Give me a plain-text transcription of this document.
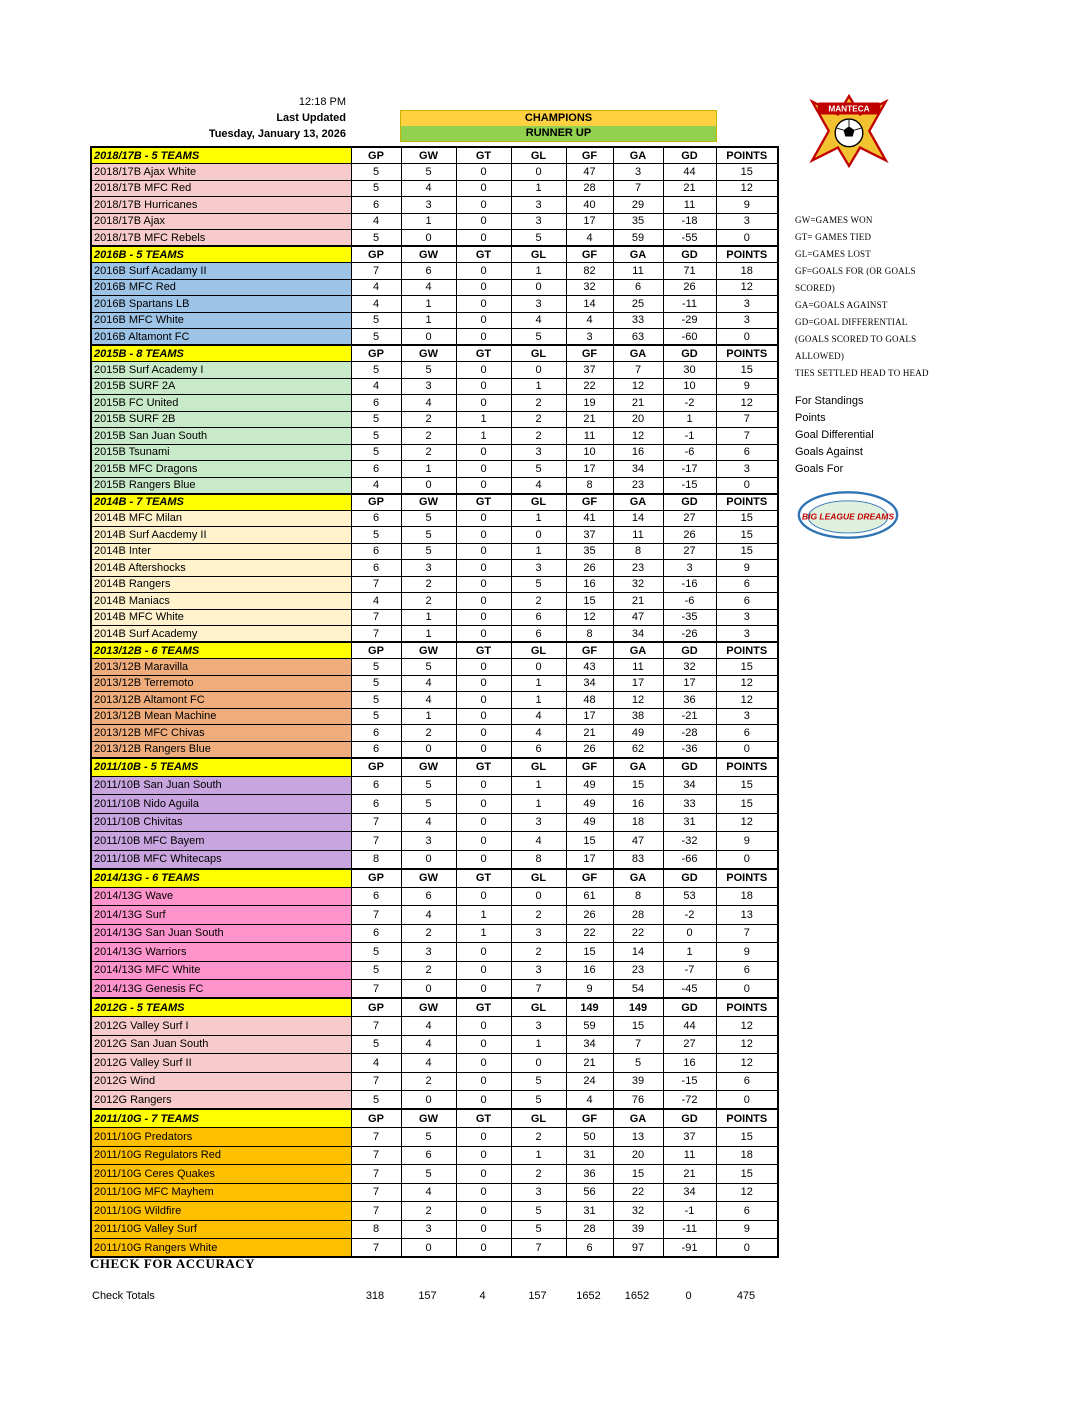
12:18 PM
Last Updated
Tuesday, January 13, 2026
CHAMPIONS
RUNNER UP
MANTECA
GW=GAMES WON
GT= GAMES TIED
GL=GAMES LOST
GF=GOALS FOR (OR GOALS
SCORED)
GA=GOALS AGAINST
GD=GOAL DIFFERENTIAL
(GOALS SCORED TO GOALS
ALLOWED)
TIES SETTLED HEAD TO HEAD
For Standings
Points
Goal Differential
Goals Against
Goals For
BIG LEAGUE DREAMS
2018/17B - 5 TEAMS	GP	GW	GT	GL	GF	GA	GD	POINTS
2018/17B Ajax White	5	5	0	0	47	3	44	15
2018/17B MFC Red	5	4	0	1	28	7	21	12
2018/17B Hurricanes	6	3	0	3	40	29	11	9
2018/17B Ajax	4	1	0	3	17	35	-18	3
2018/17B MFC Rebels	5	0	0	5	4	59	-55	0
2016B - 5 TEAMS	GP	GW	GT	GL	GF	GA	GD	POINTS
2016B Surf Acadamy II	7	6	0	1	82	11	71	18
2016B MFC Red	4	4	0	0	32	6	26	12
2016B Spartans LB	4	1	0	3	14	25	-11	3
2016B MFC White	5	1	0	4	4	33	-29	3
2016B Altamont FC	5	0	0	5	3	63	-60	0
2015B - 8 TEAMS	GP	GW	GT	GL	GF	GA	GD	POINTS
2015B Surf Academy I	5	5	0	0	37	7	30	15
2015B SURF 2A	4	3	0	1	22	12	10	9
2015B FC United	6	4	0	2	19	21	-2	12
2015B SURF 2B	5	2	1	2	21	20	1	7
2015B San Juan South	5	2	1	2	11	12	-1	7
2015B Tsunami	5	2	0	3	10	16	-6	6
2015B MFC Dragons	6	1	0	5	17	34	-17	3
2015B Rangers Blue	4	0	0	4	8	23	-15	0
2014B - 7 TEAMS	GP	GW	GT	GL	GF	GA	GD	POINTS
2014B MFC Milan	6	5	0	1	41	14	27	15
2014B Surf Aacdemy II	5	5	0	0	37	11	26	15
2014B Inter	6	5	0	1	35	8	27	15
2014B Aftershocks	6	3	0	3	26	23	3	9
2014B Rangers	7	2	0	5	16	32	-16	6
2014B Maniacs	4	2	0	2	15	21	-6	6
2014B MFC White	7	1	0	6	12	47	-35	3
2014B Surf Academy	7	1	0	6	8	34	-26	3
2013/12B - 6 TEAMS	GP	GW	GT	GL	GF	GA	GD	POINTS
2013/12B Maravilla	5	5	0	0	43	11	32	15
2013/12B Terremoto	5	4	0	1	34	17	17	12
2013/12B Altamont FC	5	4	0	1	48	12	36	12
2013/12B Mean Machine	5	1	0	4	17	38	-21	3
2013/12B MFC Chivas	6	2	0	4	21	49	-28	6
2013/12B Rangers Blue	6	0	0	6	26	62	-36	0
2011/10B - 5 TEAMS	GP	GW	GT	GL	GF	GA	GD	POINTS
2011/10B San Juan South	6	5	0	1	49	15	34	15
2011/10B Nido Aguila	6	5	0	1	49	16	33	15
2011/10B Chivitas	7	4	0	3	49	18	31	12
2011/10B MFC Bayem	7	3	0	4	15	47	-32	9
2011/10B MFC Whitecaps	8	0	0	8	17	83	-66	0
2014/13G - 6 TEAMS	GP	GW	GT	GL	GF	GA	GD	POINTS
2014/13G Wave	6	6	0	0	61	8	53	18
2014/13G Surf	7	4	1	2	26	28	-2	13
2014/13G San Juan South	6	2	1	3	22	22	0	7
2014/13G Warriors	5	3	0	2	15	14	1	9
2014/13G MFC White	5	2	0	3	16	23	-7	6
2014/13G Genesis FC	7	0	0	7	9	54	-45	0
2012G - 5 TEAMS	GP	GW	GT	GL	149	149	GD	POINTS
2012G Valley Surf I	7	4	0	3	59	15	44	12
2012G San Juan South	5	4	0	1	34	7	27	12
2012G Valley Surf II	4	4	0	0	21	5	16	12
2012G Wind	7	2	0	5	24	39	-15	6
2012G Rangers	5	0	0	5	4	76	-72	0
2011/10G - 7 TEAMS	GP	GW	GT	GL	GF	GA	GD	POINTS
2011/10G Predators	7	5	0	2	50	13	37	15
2011/10G Regulators Red	7	6	0	1	31	20	11	18
2011/10G Ceres Quakes	7	5	0	2	36	15	21	15
2011/10G MFC Mayhem	7	4	0	3	56	22	34	12
2011/10G Wildfire	7	2	0	5	31	32	-1	6
2011/10G Valley Surf	8	3	0	5	28	39	-11	9
2011/10G Rangers White	7	0	0	7	6	97	-91	0
CHECK FOR ACCURACY
Check Totals	318	157	4	157	1652	1652	0	475
